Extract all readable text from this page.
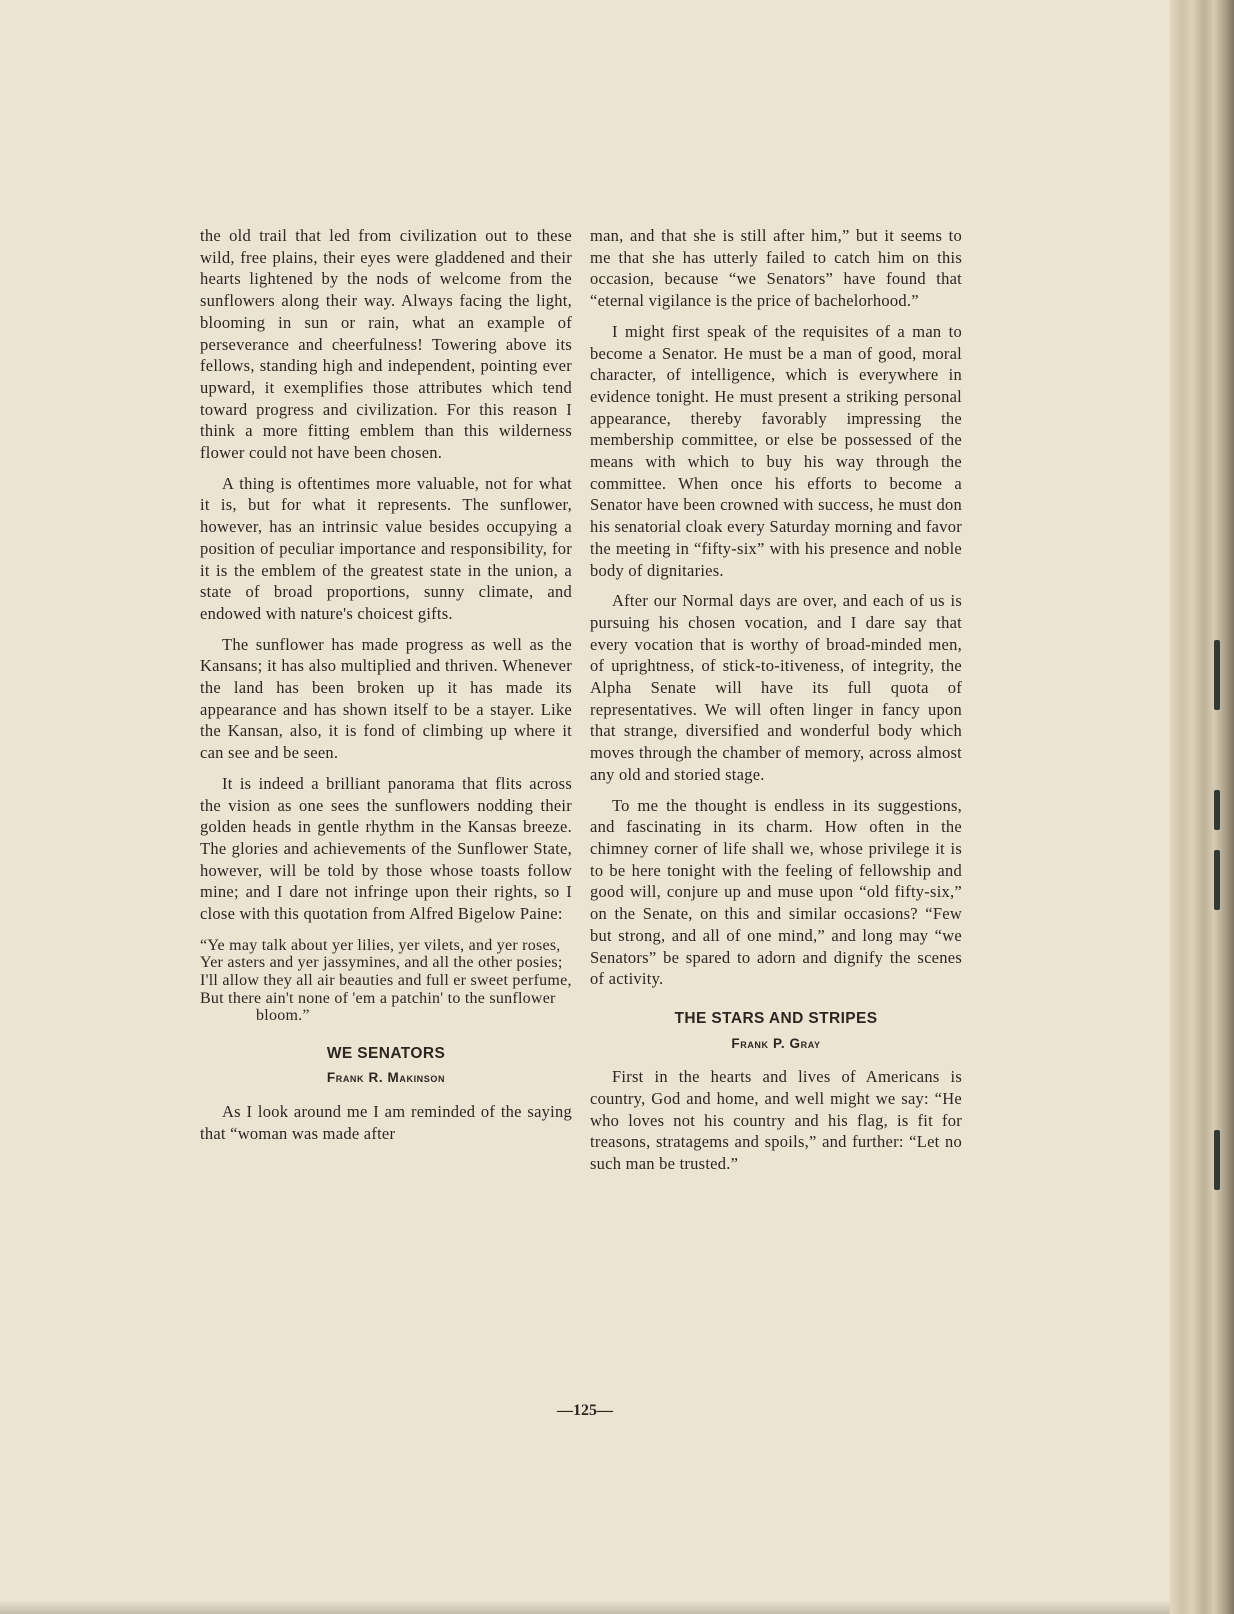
the old trail that led from civilization out to these wild, free plains, their eyes were gladdened and their hearts lightened by the nods of welcome from the sunflowers along their way. Always facing the light, blooming in sun or rain, what an example of perseverance and cheerfulness! Towering above its fellows, standing high and independent, pointing ever upward, it exemplifies those attributes which tend toward progress and civilization. For this reason I think a more fitting emblem than this wilderness flower could not have been chosen.

A thing is oftentimes more valuable, not for what it is, but for what it represents. The sunflower, however, has an intrinsic value besides occupying a position of peculiar importance and responsibility, for it is the emblem of the greatest state in the union, a state of broad proportions, sunny climate, and endowed with nature's choicest gifts.

The sunflower has made progress as well as the Kansans; it has also multiplied and thriven. Whenever the land has been broken up it has made its appearance and has shown itself to be a stayer. Like the Kansan, also, it is fond of climbing up where it can see and be seen.

It is indeed a brilliant panorama that flits across the vision as one sees the sunflowers nodding their golden heads in gentle rhythm in the Kansas breeze. The glories and achievements of the Sunflower State, however, will be told by those whose toasts follow mine; and I dare not infringe upon their rights, so I close with this quotation from Alfred Bigelow Paine:

“Ye may talk about yer lilies, yer vilets, and yer roses,
Yer asters and yer jassymines, and all the other posies;
I'll allow they all air beauties and full er sweet perfume,
But there ain't none of 'em a patchin' to the sunflower bloom.”
WE SENATORS
Frank R. Makinson

As I look around me I am reminded of the saying that “woman was made after

man, and that she is still after him,” but it seems to me that she has utterly failed to catch him on this occasion, because “we Senators” have found that “eternal vigilance is the price of bachelorhood.”

I might first speak of the requisites of a man to become a Senator. He must be a man of good, moral character, of intelligence, which is everywhere in evidence tonight. He must present a striking personal appearance, thereby favorably impressing the membership committee, or else be possessed of the means with which to buy his way through the committee. When once his efforts to become a Senator have been crowned with success, he must don his senatorial cloak every Saturday morning and favor the meeting in “fifty-six” with his presence and noble body of dignitaries.

After our Normal days are over, and each of us is pursuing his chosen vocation, and I dare say that every vocation that is worthy of broad-minded men, of uprightness, of stick-to-itiveness, of integrity, the Alpha Senate will have its full quota of representatives. We will often linger in fancy upon that strange, diversified and wonderful body which moves through the chamber of memory, across almost any old and storied stage.

To me the thought is endless in its suggestions, and fascinating in its charm. How often in the chimney corner of life shall we, whose privilege it is to be here tonight with the feeling of fellowship and good will, conjure up and muse upon “old fifty-six,” on the Senate, on this and similar occasions? “Few but strong, and all of one mind,” and long may “we Senators” be spared to adorn and dignify the scenes of activity.

THE STARS AND STRIPES
Frank P. Gray

First in the hearts and lives of Americans is country, God and home, and well might we say: “He who loves not his country and his flag, is fit for treasons, stratagems and spoils,” and further: “Let no such man be trusted.”

—125—
